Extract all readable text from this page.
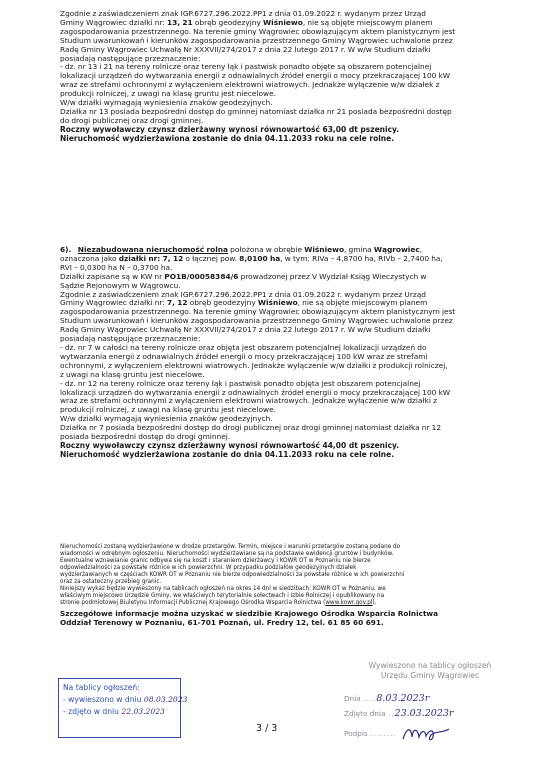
Zgodnie z zaświadczeniem znak IGP.6727.296.2022.PP1 z dnia 01.09.2022 r. wydanym przez Urząd

Gminy Wągrowiec działki nr: 13, 21 obręb geodezyjny Wiśniewo, nie są objęte miejscowym planem

zagospodarowania przestrzennego. Na terenie gminy Wągrowiec obowiązującym aktem planistycznym jest

Studium uwarunkowań i kierunków zagospodarowania przestrzennego Gminy Wągrowiec uchwalone przez

Radę Gminy Wągrowiec Uchwałą Nr XXXVII/274/2017 z dnia 22 lutego 2017 r. W w/w Studium działki

posiadają następujące przeznaczenie:

- dz. nr 13 i 21 na tereny rolnicze oraz tereny łąk i pastwisk ponadto objęte są obszarem potencjalnej

lokalizacji urządzeń do wytwarzania energii z odnawialnych źródeł energii o mocy przekraczającej 100 kW

wraz ze strefami ochronnymi z wyłączeniem elektrowni wiatrowych. Jednakże wyłączenie w/w działek z

produkcji rolniczej, z uwagi na klasę gruntu jest niecelowe.

W/w działki wymagają wyniesienia znaków geodezyjnych.

Działka nr 13 posiada bezpośredni dostęp do gminnej natomiast działka nr 21 posiada bezpośredni dostęp

do drogi publicznej oraz drogi gminnej.

Roczny wywoławczy czynsz dzierżawny wynosi równowartość 63,00 dt pszenicy.

Nieruchomość wydzierżawiona zostanie do dnia 04.11.2033 roku na cele rolne.

6). Niezabudowana nieruchomość rolna położona w obrębie Wiśniewo, gmina Wągrowiec,

oznaczona jako działki nr: 7, 12 o łącznej pow. 8,0100 ha, w tym: RIVa – 4,8700 ha, RIVb – 2,7400 ha,

RVI – 0,0300 ha N – 0,3700 ha.

Działki zapisane są w KW nr PO1B/00058384/6 prowadzonej przez V Wydział Ksiąg Wieczystych w

Sądzie Rejonowym w Wągrowcu.

Zgodnie z zaświadczeniem znak IGP.6727.296.2022.PP1 z dnia 01.09.2022 r. wydanym przez Urząd

Gminy Wągrowiec działki nr: 7, 12 obręb geodezyjny Wiśniewo, nie są objęte miejscowym planem

zagospodarowania przestrzennego. Na terenie gminy Wągrowiec obowiązującym aktem planistycznym jest

Studium uwarunkowań i kierunków zagospodarowania przestrzennego Gminy Wągrowiec uchwalone przez

Radę Gminy Wągrowiec Uchwałą Nr XXXVII/274/2017 z dnia 22 lutego 2017 r. W w/w Studium działki

posiadają następujące przeznaczenie:

- dz. nr 7 w całości na tereny rolnicze oraz objęta jest obszarem potencjalnej lokalizacji urządzeń do

wytwarzania energii z odnawialnych źródeł energii o mocy przekraczającej 100 kW wraz ze strefami

ochronnymi, z wyłączeniem elektrowni wiatrowych. Jednakże wyłączenie w/w działki z produkcji rolniczej,

z uwagi na klasę gruntu jest niecelowe.

- dz. nr 12 na tereny rolnicze oraz tereny łąk i pastwisk ponadto objęta jest obszarem potencjalnej

lokalizacji urządzeń do wytwarzania energii z odnawialnych źródeł energii o mocy przekraczającej 100 kW

wraz ze strefami ochronnymi z wyłączeniem elektrowni wiatrowych. Jednakże wyłączenie w/w działki z

produkcji rolniczej, z uwagi na klasę gruntu jest niecelowe.

W/w działki wymagają wyniesienia znaków geodezyjnych.

Działka nr 7 posiada bezpośredni dostęp do drogi publicznej oraz drogi gminnej natomiast działka nr 12

posiada bezpośredni dostęp do drogi gminnej.

Roczny wywoławczy czynsz dzierżawny wynosi równowartość 44,00 dt pszenicy.

Nieruchomość wydzierżawiona zostanie do dnia 04.11.2033 roku na cele rolne.

Nieruchomości zostaną wydzierżawione w drodze przetargów. Termin, miejsce i warunki przetargów zostaną podane do

wiadomości w odrębnym ogłoszeniu. Nieruchomości wydzierżawiane są na podstawie ewidencji gruntów i budynków.

Ewentualne wznawianie granic odbywa się na koszt i staraniem dzierżawcy i KOWR OT w Poznaniu nie bierze

odpowiedzialności za powstałe różnice w ich powierzchni. W przypadku podziałów geodezyjnych działek

wydzierżawianych w częściach KOWR OT w Poznaniu nie bierze odpowiedzialności za powstałe różnice w ich powierzchni

oraz za ostateczny przebieg granic.

Niniejszy wykaz będzie wywieszony na tablicach ogłoszeń na okres 14 dni w siedzibach: KOWR OT w Poznaniu, we

właściwym miejscowo Urzędzie Gminy, we właściwych terytorialnie sołectwach i Izbie Rolniczej i opublikowany na

stronie podmiotowej Biuletynu Informacji Publicznej Krajowego Ośrodka Wsparcia Rolnictwa (www.kowr.gov.pl).

Szczegółowe informacje można uzyskać w siedzibie Krajowego Ośrodka Wsparcia Rolnictwa

Oddział Terenowy w Poznaniu, 61-701 Poznań, ul. Fredry 12, tel. 61 85 60 691.

Na tablicy ogłoszeń:
- wywieszono w dniu 08.03.2023
- zdjęto w dniu 22.03.2023
3 / 3
Wywieszono na tablicy ogłoszeń
Urzędu Gminy Wągrowiec
Dnia ....8.03.2023r
Zdjęto dnia ..23.03.2023r
Podpis ........
